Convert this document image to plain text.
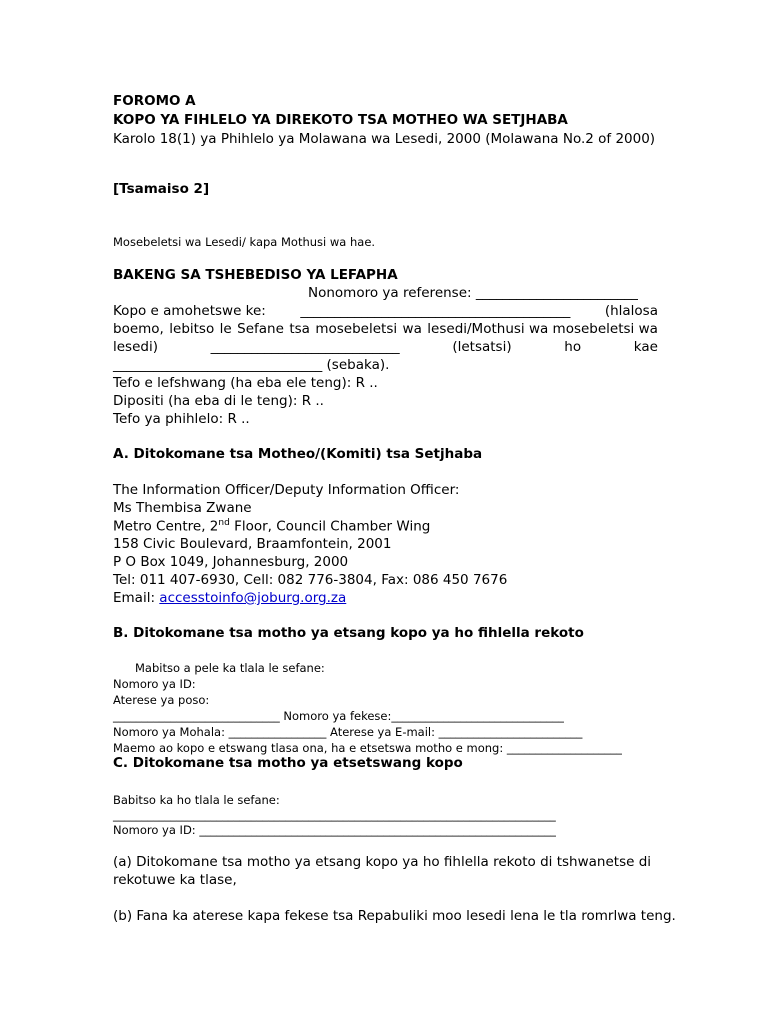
FOROMO A
KOPO YA FIHLELO YA DIREKOTO TSA MOTHEO WA SETJHABA
Karolo 18(1) ya Phihlelo ya Molawana wa Lesedi, 2000 (Molawana No.2 of 2000)
[Tsamaiso 2]
Mosebeletsi wa Lesedi/ kapa Mothusi wa hae.
BAKENG SA TSHEBEDISO YA LEFAPHA
Nonomoro ya referense: ________________________
Kopo e amohetswe ke:	________________________________________	(hlalosa
boemo, lebitso le Sefane tsa mosebeletsi wa lesedi/Mothusi wa mosebeletsi wa
lesedi)	____________________________	(letsatsi)	ho	kae
_______________________________ (sebaka).
Tefo e lefshwang (ha eba ele teng): R ..
Dipositi (ha eba di le teng): R ..
Tefo ya phihlelo: R ..
A. Ditokomane tsa Motheo/(Komiti) tsa Setjhaba
The Information Officer/Deputy Information Officer:
Ms Thembisa Zwane
Metro Centre, 2nd Floor, Council Chamber Wing
158 Civic Boulevard, Braamfontein, 2001
P O Box 1049, Johannesburg, 2000
Tel: 011 407-6930, Cell: 082 776-3804, Fax: 086 450 7676
Email: accesstoinfo@joburg.org.za
B. Ditokomane tsa motho ya etsang kopo ya ho fihlella rekoto
Mabitso a pele ka tlala le sefane:
Nomoro ya ID:
Aterese ya poso:
_____________________________ Nomoro ya fekese:______________________________
Nomoro ya Mohala: _________________ Aterese ya E-mail: _________________________
Maemo ao kopo e etswang tlasa ona, ha e etsetswa motho e mong: ____________________
C. Ditokomane tsa motho ya etsetswang kopo
Babitso ka ho tlala le sefane:
_____________________________________________________________________________
Nomoro ya ID: ______________________________________________________________
(a) Ditokomane tsa motho ya etsang kopo ya ho fihlella rekoto di tshwanetse di
rekotuwe ka tlase,
(b) Fana ka aterese kapa fekese tsa Repabuliki moo lesedi lena le tla romrlwa teng.
